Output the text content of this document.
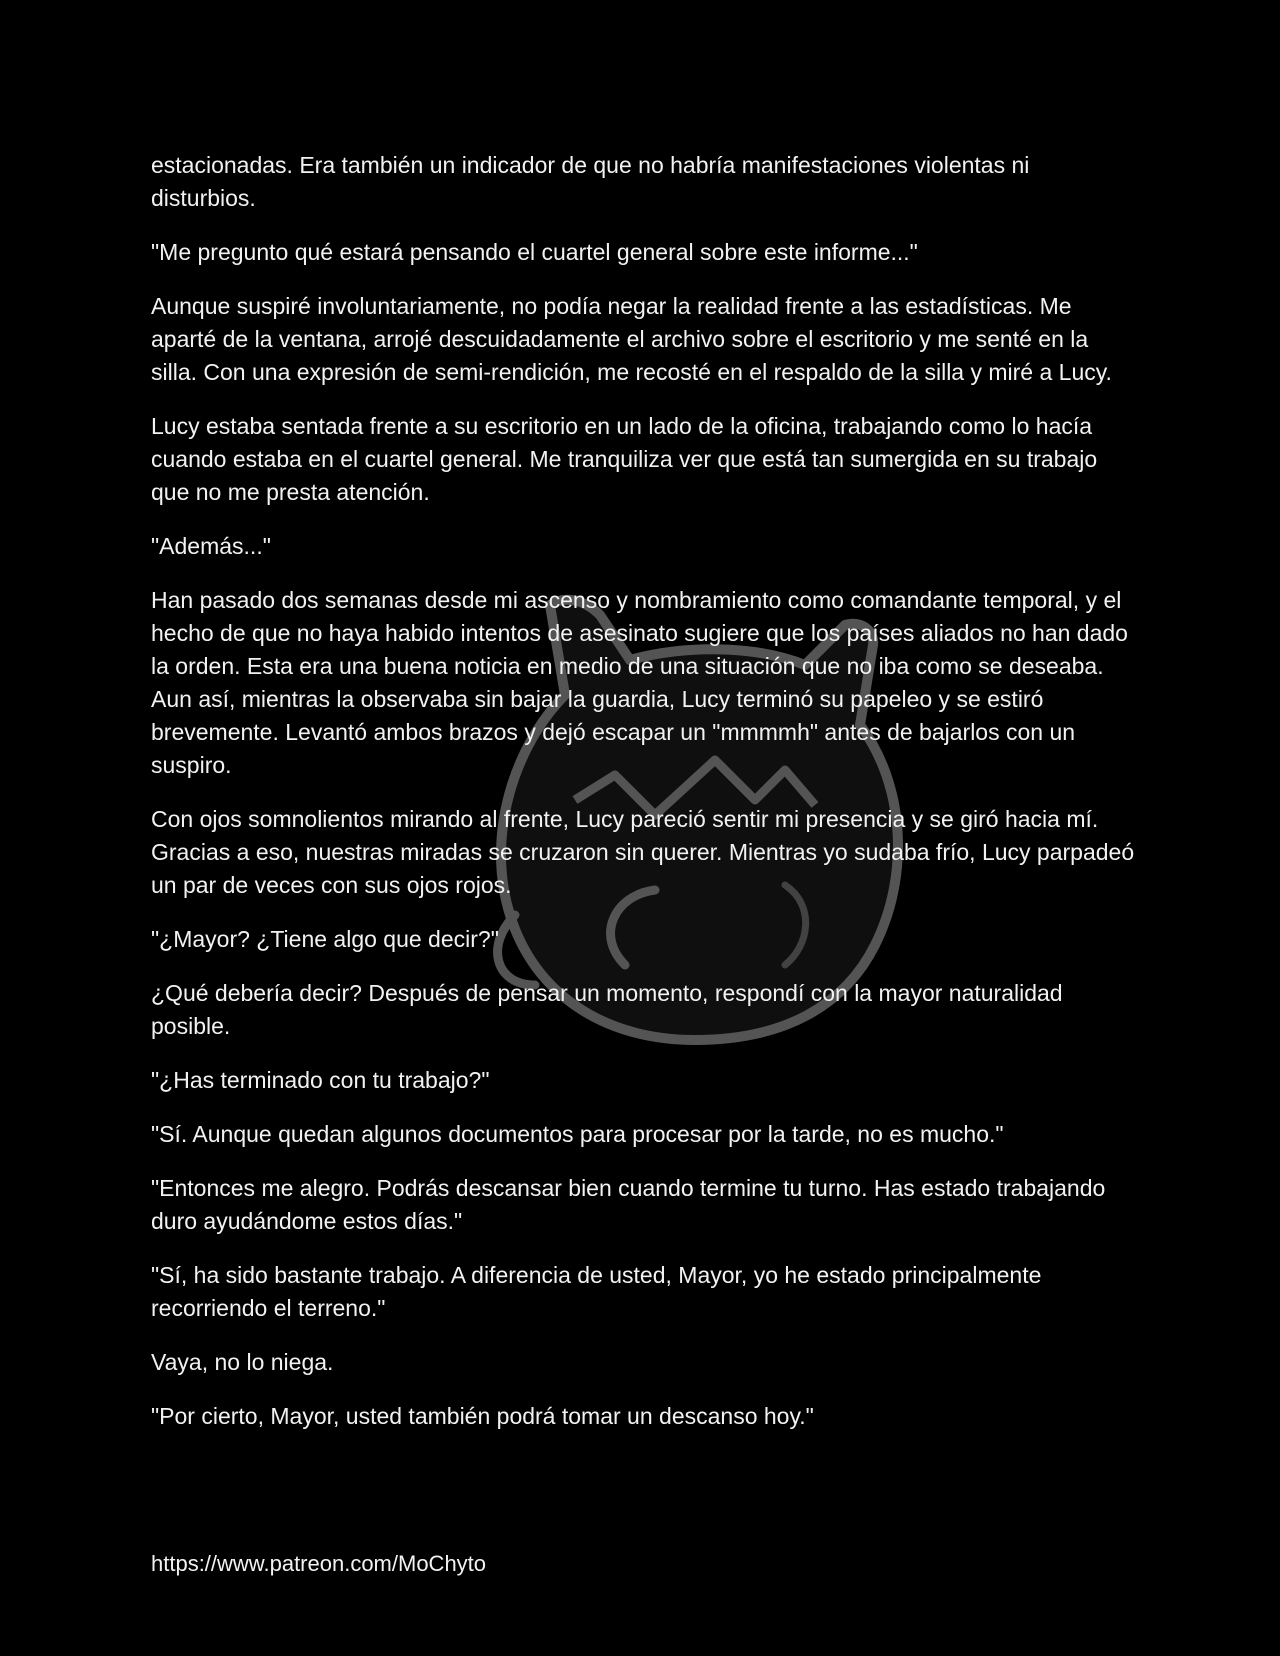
estacionadas. Era también un indicador de que no habría manifestaciones violentas ni disturbios.

"Me pregunto qué estará pensando el cuartel general sobre este informe..."

Aunque suspiré involuntariamente, no podía negar la realidad frente a las estadísticas. Me aparté de la ventana, arrojé descuidadamente el archivo sobre el escritorio y me senté en la silla. Con una expresión de semi-rendición, me recosté en el respaldo de la silla y miré a Lucy.

Lucy estaba sentada frente a su escritorio en un lado de la oficina, trabajando como lo hacía cuando estaba en el cuartel general. Me tranquiliza ver que está tan sumergida en su trabajo que no me presta atención.

"Además..."

Han pasado dos semanas desde mi ascenso y nombramiento como comandante temporal, y el hecho de que no haya habido intentos de asesinato sugiere que los países aliados no han dado la orden. Esta era una buena noticia en medio de una situación que no iba como se deseaba. Aun así, mientras la observaba sin bajar la guardia, Lucy terminó su papeleo y se estiró brevemente. Levantó ambos brazos y dejó escapar un "mmmmh" antes de bajarlos con un suspiro.

Con ojos somnolientos mirando al frente, Lucy pareció sentir mi presencia y se giró hacia mí. Gracias a eso, nuestras miradas se cruzaron sin querer. Mientras yo sudaba frío, Lucy parpadeó un par de veces con sus ojos rojos.

"¿Mayor? ¿Tiene algo que decir?"

¿Qué debería decir? Después de pensar un momento, respondí con la mayor naturalidad posible.

"¿Has terminado con tu trabajo?"

"Sí. Aunque quedan algunos documentos para procesar por la tarde, no es mucho."

"Entonces me alegro. Podrás descansar bien cuando termine tu turno. Has estado trabajando duro ayudándome estos días."

"Sí, ha sido bastante trabajo. A diferencia de usted, Mayor, yo he estado principalmente recorriendo el terreno."

Vaya, no lo niega.

"Por cierto, Mayor, usted también podrá tomar un descanso hoy."

https://www.patreon.com/MoChyto
